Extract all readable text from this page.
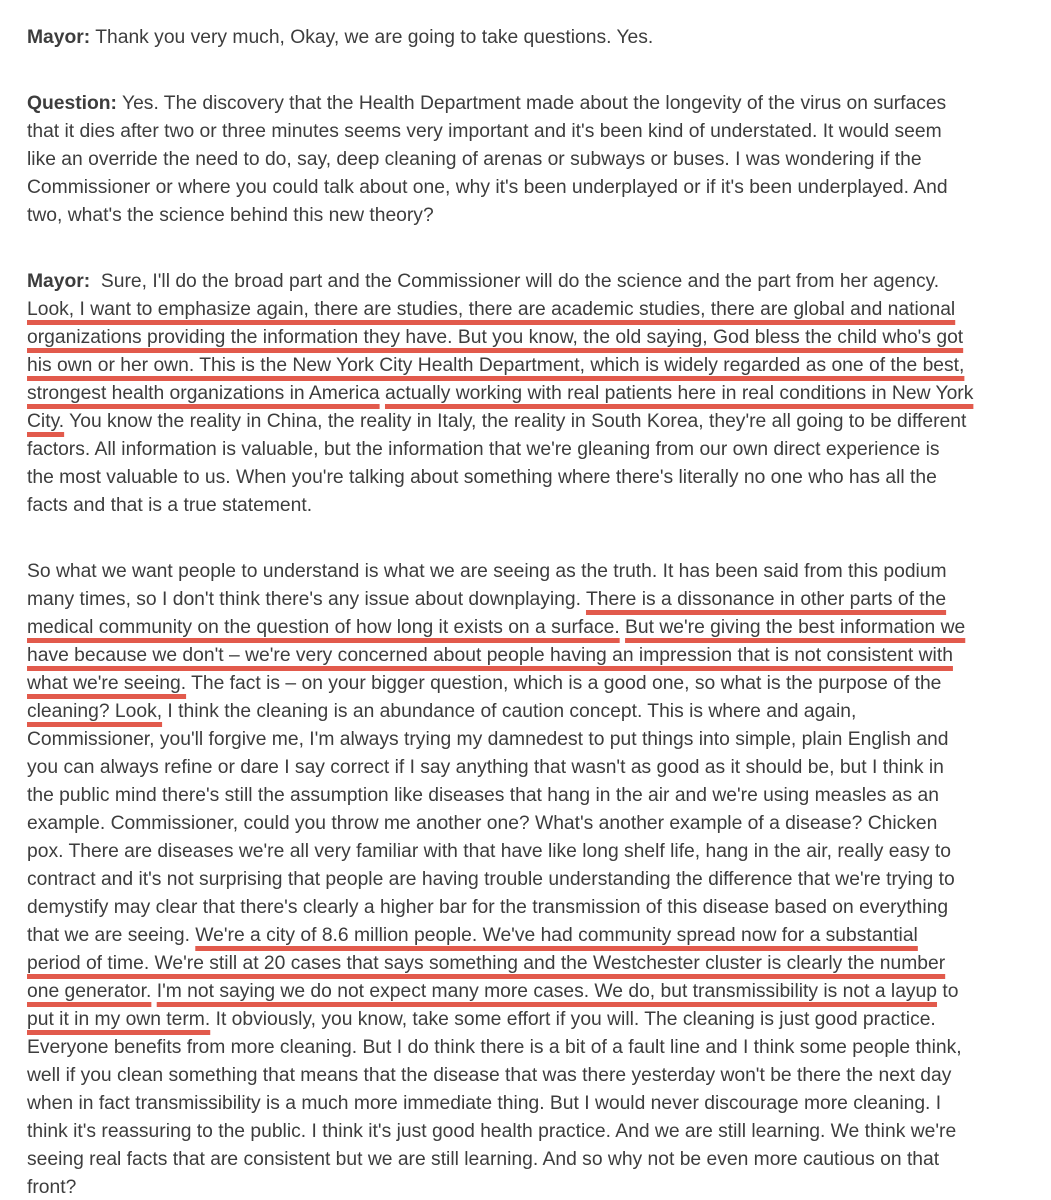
Mayor: Thank you very much, Okay, we are going to take questions. Yes.
Question: Yes. The discovery that the Health Department made about the longevity of the virus on surfaces
that it dies after two or three minutes seems very important and it's been kind of understated. It would seem
like an override the need to do, say, deep cleaning of arenas or subways or buses. I was wondering if the
Commissioner or where you could talk about one, why it's been underplayed or if it's been underplayed. And
two, what's the science behind this new theory?
Mayor:  Sure, I'll do the broad part and the Commissioner will do the science and the part from her agency.
Look, I want to emphasize again, there are studies, there are academic studies, there are global and national
organizations providing the information they have. But you know, the old saying, God bless the child who's got
his own or her own. This is the New York City Health Department, which is widely regarded as one of the best,
strongest health organizations in America actually working with real patients here in real conditions in New York
City. You know the reality in China, the reality in Italy, the reality in South Korea, they're all going to be different
factors. All information is valuable, but the information that we're gleaning from our own direct experience is
the most valuable to us. When you're talking about something where there's literally no one who has all the
facts and that is a true statement.
So what we want people to understand is what we are seeing as the truth. It has been said from this podium
many times, so I don't think there's any issue about downplaying. There is a dissonance in other parts of the
medical community on the question of how long it exists on a surface. But we're giving the best information we
have because we don't – we're very concerned about people having an impression that is not consistent with
what we're seeing. The fact is – on your bigger question, which is a good one, so what is the purpose of the
cleaning? Look, I think the cleaning is an abundance of caution concept. This is where and again,
Commissioner, you'll forgive me, I'm always trying my damnedest to put things into simple, plain English and
you can always refine or dare I say correct if I say anything that wasn't as good as it should be, but I think in
the public mind there's still the assumption like diseases that hang in the air and we're using measles as an
example. Commissioner, could you throw me another one? What's another example of a disease? Chicken
pox. There are diseases we're all very familiar with that have like long shelf life, hang in the air, really easy to
contract and it's not surprising that people are having trouble understanding the difference that we're trying to
demystify may clear that there's clearly a higher bar for the transmission of this disease based on everything
that we are seeing. We're a city of 8.6 million people. We've had community spread now for a substantial
period of time. We're still at 20 cases that says something and the Westchester cluster is clearly the number
one generator. I'm not saying we do not expect many more cases. We do, but transmissibility is not a layup to
put it in my own term. It obviously, you know, take some effort if you will. The cleaning is just good practice.
Everyone benefits from more cleaning. But I do think there is a bit of a fault line and I think some people think,
well if you clean something that means that the disease that was there yesterday won't be there the next day
when in fact transmissibility is a much more immediate thing. But I would never discourage more cleaning. I
think it's reassuring to the public. I think it's just good health practice. And we are still learning. We think we're
seeing real facts that are consistent but we are still learning. And so why not be even more cautious on that
front?
